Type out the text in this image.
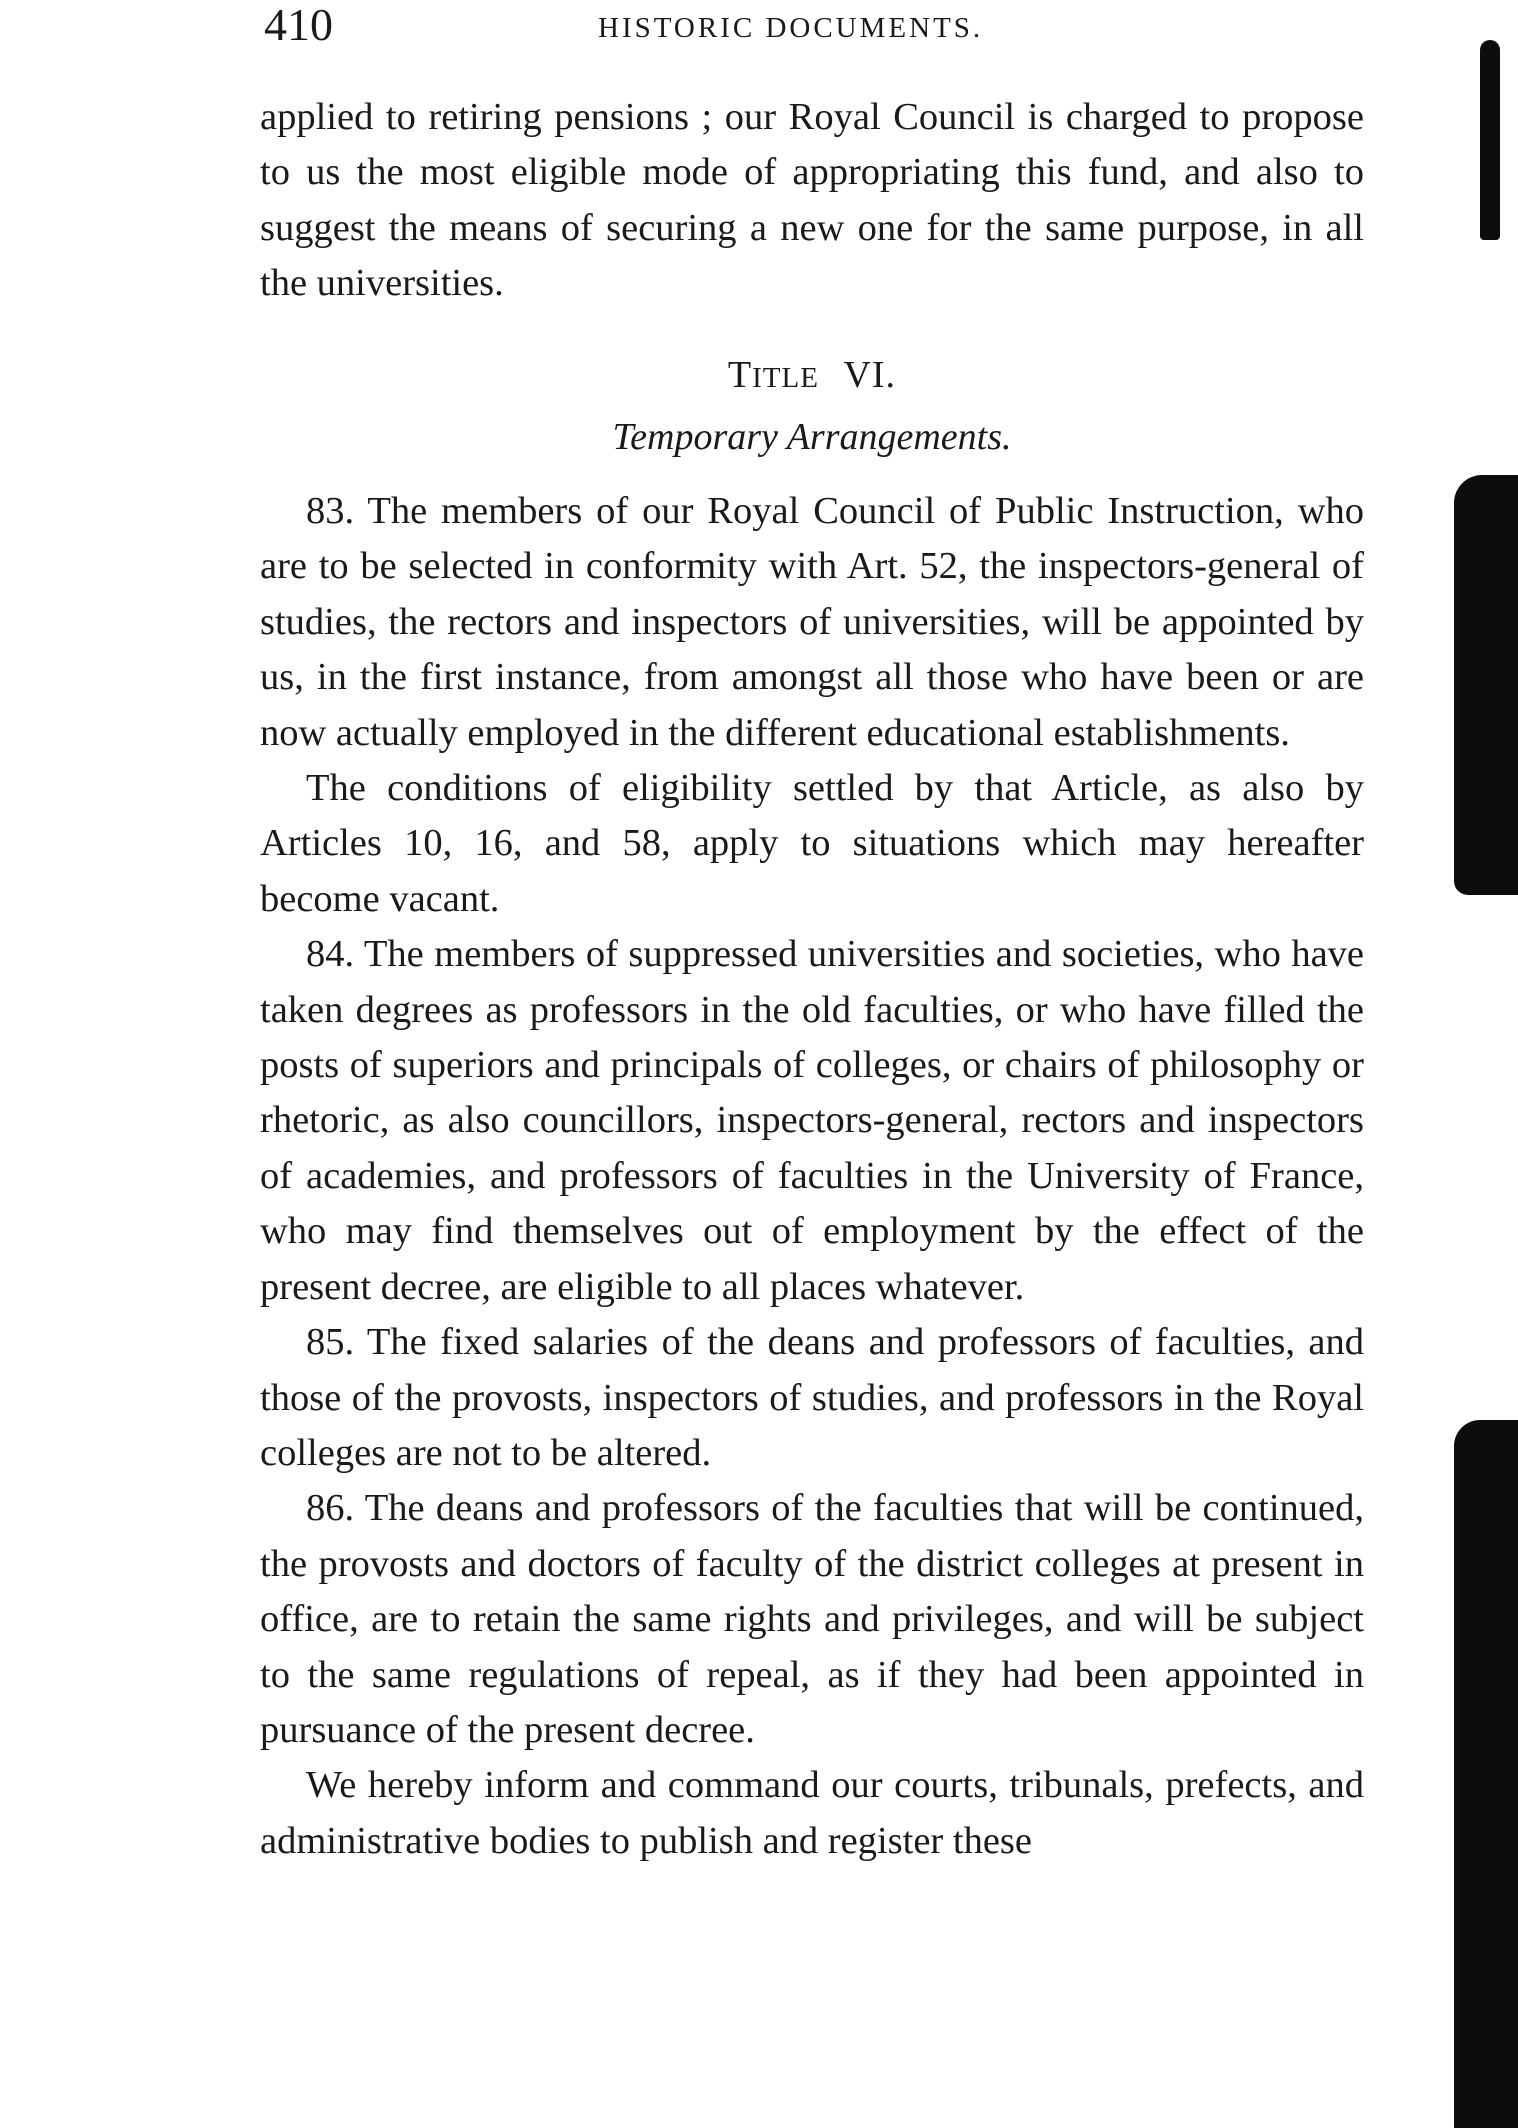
410	HISTORIC DOCUMENTS.

applied to retiring pensions ; our Royal Council is charged to propose to us the most eligible mode of appropriating this fund, and also to suggest the means of securing a new one for the same purpose, in all the universities.

TITLE VI.
Temporary Arrangements.

83. The members of our Royal Council of Public Instruction, who are to be selected in conformity with Art. 52, the inspectors-general of studies, the rectors and inspectors of universities, will be appointed by us, in the first instance, from amongst all those who have been or are now actually employed in the different educational establishments.

The conditions of eligibility settled by that Article, as also by Articles 10, 16, and 58, apply to situations which may hereafter become vacant.

84. The members of suppressed universities and societies, who have taken degrees as professors in the old faculties, or who have filled the posts of superiors and principals of colleges, or chairs of philosophy or rhetoric, as also councillors, inspectors-general, rectors and inspectors of academies, and professors of faculties in the University of France, who may find themselves out of employment by the effect of the present decree, are eligible to all places whatever.

85. The fixed salaries of the deans and professors of faculties, and those of the provosts, inspectors of studies, and professors in the Royal colleges are not to be altered.

86. The deans and professors of the faculties that will be continued, the provosts and doctors of faculty of the district colleges at present in office, are to retain the same rights and privileges, and will be subject to the same regulations of repeal, as if they had been appointed in pursuance of the present decree.

We hereby inform and command our courts, tribunals, prefects, and administrative bodies to publish and register these
